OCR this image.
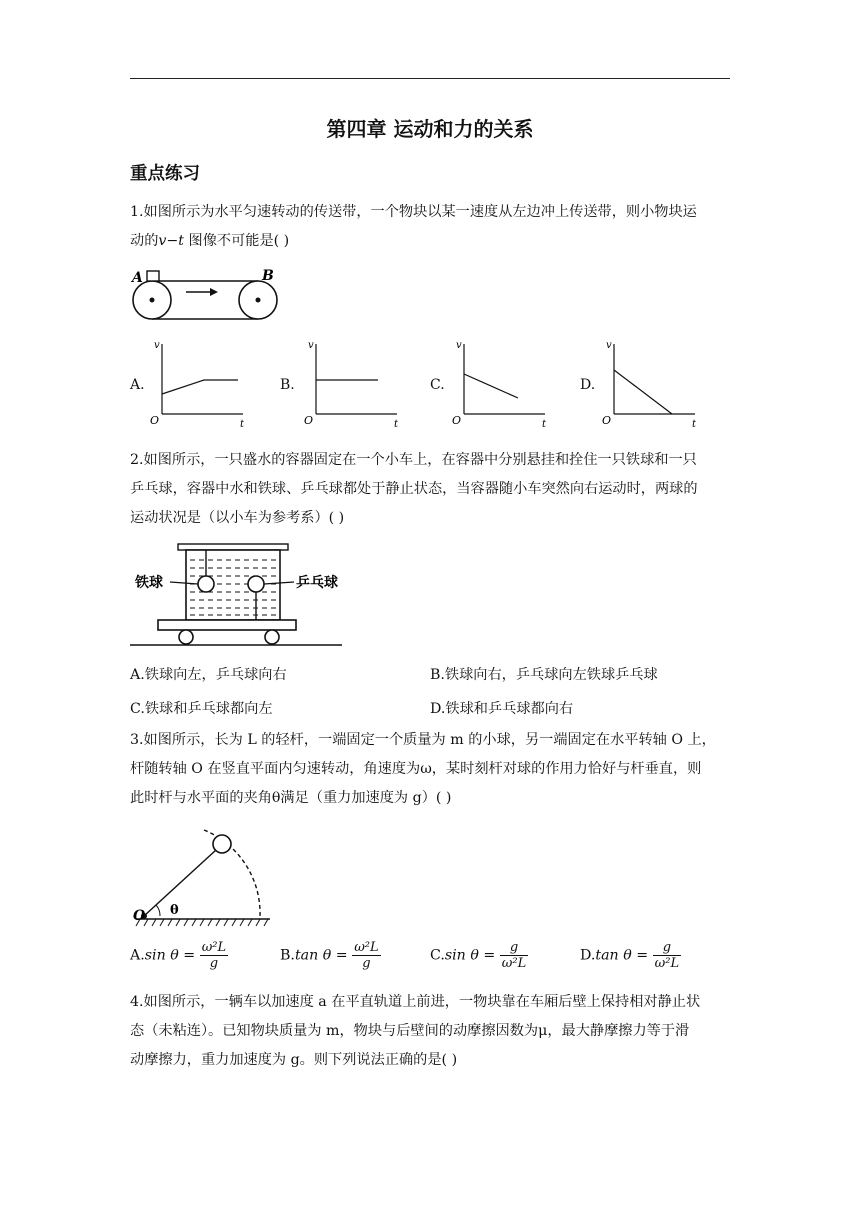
第四章 运动和力的关系
重点练习
1.如图所示为水平匀速转动的传送带，一个物块以某一速度从左边冲上传送带，则小物块运
动的v−t 图像不可能是( )
A	B
A.
v
t
O
B.
v
t
O
C.
v
t
O
D.
v
t
O
2.如图所示，一只盛水的容器固定在一个小车上，在容器中分别悬挂和拴住一只铁球和一只
乒乓球，容器中水和铁球、乒乓球都处于静止状态，当容器随小车突然向右运动时，两球的
运动状况是（以小车为参考系）( )
铁球	乒乓球
A.铁球向左，乒乓球向右	B.铁球向右，乒乓球向左铁球乒乓球
C.铁球和乒乓球都向左	D.铁球和乒乓球都向右
3.如图所示，长为 L 的轻杆，一端固定一个质量为 m 的小球，另一端固定在水平转轴 O 上，
杆随转轴 O 在竖直平面内匀速转动，角速度为ω，某时刻杆对球的作用力恰好与杆垂直，则
此时杆与水平面的夹角θ满足（重力加速度为 g）( )
O θ
A.sin $\theta = \frac{\text{ω²L}}{g}$	B.tan $\theta = \frac{\text{ω²L}}{g}$	C.sin $\theta = \frac{g}{\text{ω²L}}$	D.tan $\theta = \frac{g}{\text{ω²L}}$
4.如图所示，一辆车以加速度 a 在平直轨道上前进，一物块靠在车厢后壁上保持相对静止状
态（未粘连）。已知物块质量为 m，物块与后壁间的动摩擦因数为μ，最大静摩擦力等于滑
动摩擦力，重力加速度为 g。则下列说法正确的是( )
